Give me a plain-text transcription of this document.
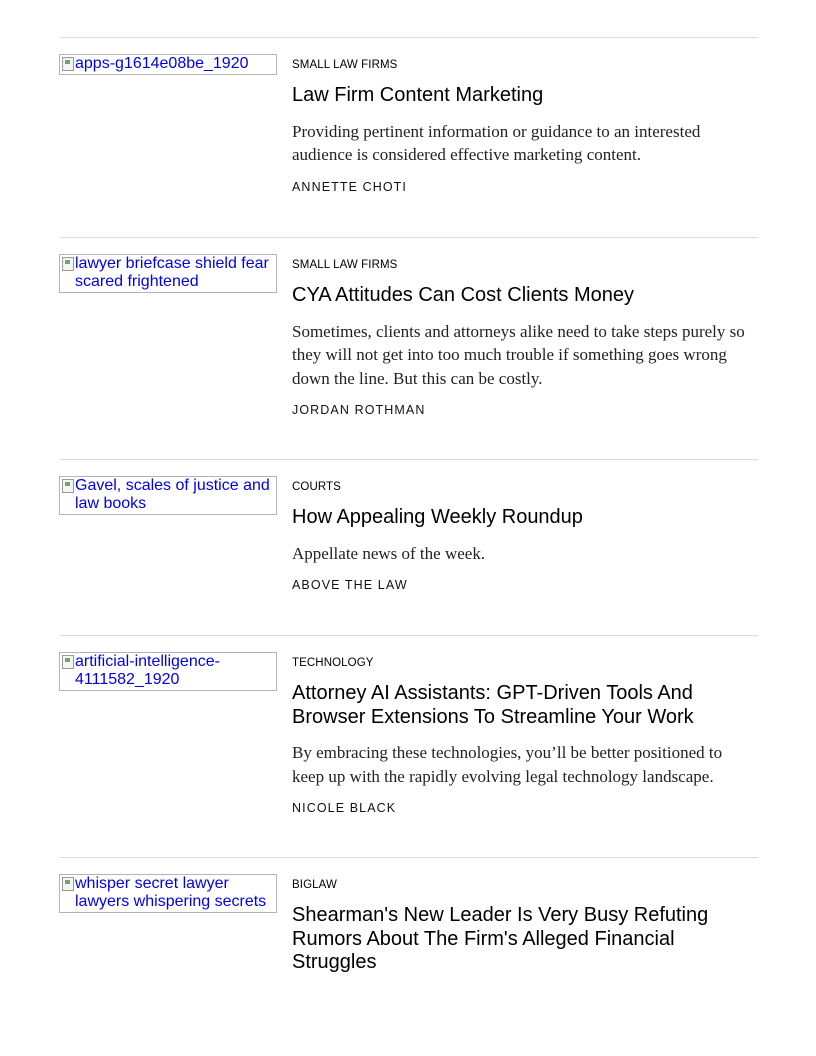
apps-g1614e08be_1920	SMALL LAW FIRMS
Law Firm Content Marketing
Providing pertinent information or guidance to an interested audience is considered effective marketing content.
ANNETTE CHOTI
lawyer briefcase shield fear scared frightened
SMALL LAW FIRMS
CYA Attitudes Can Cost Clients Money
Sometimes, clients and attorneys alike need to take steps purely so they will not get into too much trouble if something goes wrong down the line. But this can be costly.
JORDAN ROTHMAN
Gavel, scales of justice and law books
COURTS
How Appealing Weekly Roundup
Appellate news of the week.
ABOVE THE LAW
artificial-intelligence-4111582_1920
TECHNOLOGY
Attorney AI Assistants: GPT-Driven Tools And Browser Extensions To Streamline Your Work
By embracing these technologies, you’ll be better positioned to keep up with the rapidly evolving legal technology landscape.
NICOLE BLACK
whisper secret lawyer lawyers whispering secrets
BIGLAW
Shearman's New Leader Is Very Busy Refuting Rumors About The Firm's Alleged Financial Struggles
